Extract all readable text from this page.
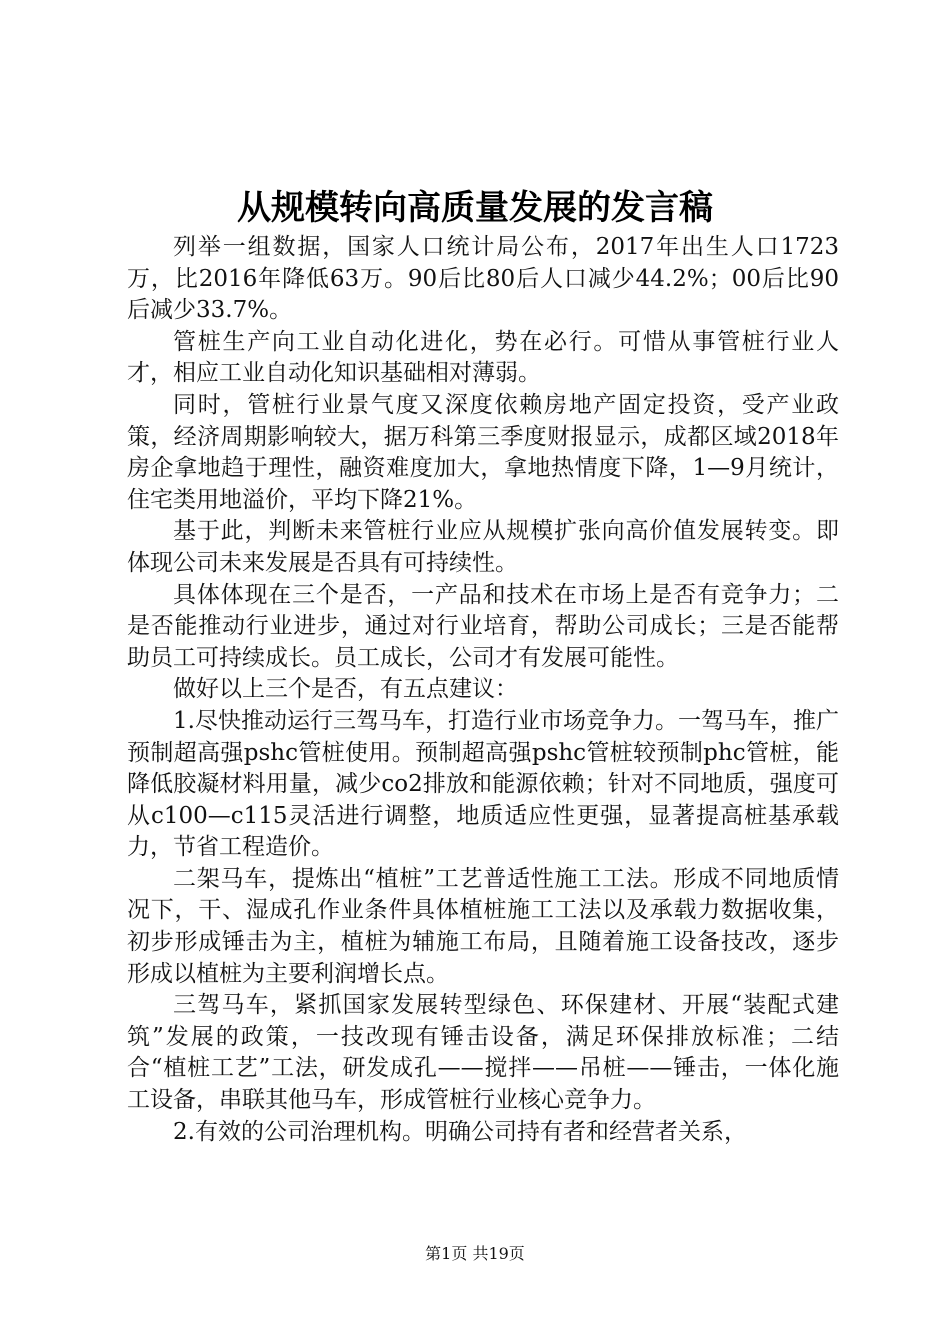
从规模转向高质量发展的发言稿

列举一组数据，国家人口统计局公布，2017年出生人口1723万，比2016年降低63万。90后比80后人口减少44.2%；00后比90后减少33.7%。

管桩生产向工业自动化进化，势在必行。可惜从事管桩行业人才，相应工业自动化知识基础相对薄弱。

同时，管桩行业景气度又深度依赖房地产固定投资，受产业政策，经济周期影响较大，据万科第三季度财报显示，成都区域2018年房企拿地趋于理性，融资难度加大，拿地热情度下降，1—9月统计，住宅类用地溢价，平均下降21%。

基于此，判断未来管桩行业应从规模扩张向高价值发展转变。即体现公司未来发展是否具有可持续性。

具体体现在三个是否，一产品和技术在市场上是否有竞争力；二是否能推动行业进步，通过对行业培育，帮助公司成长；三是否能帮助员工可持续成长。员工成长，公司才有发展可能性。

做好以上三个是否，有五点建议：

1.尽快推动运行三驾马车，打造行业市场竞争力。一驾马车，推广预制超高强pshc管桩使用。预制超高强pshc管桩较预制phc管桩，能降低胶凝材料用量，减少co2排放和能源依赖；针对不同地质，强度可从c100—c115灵活进行调整，地质适应性更强，显著提高桩基承载力，节省工程造价。

二架马车，提炼出“植桩”工艺普适性施工工法。形成不同地质情况下，干、湿成孔作业条件具体植桩施工工法以及承载力数据收集，初步形成锤击为主，植桩为辅施工布局，且随着施工设备技改，逐步形成以植桩为主要利润增长点。

三驾马车，紧抓国家发展转型绿色、环保建材、开展“装配式建筑”发展的政策，一技改现有锤击设备，满足环保排放标准；二结合“植桩工艺”工法，研发成孔——搅拌——吊桩——锤击，一体化施工设备，串联其他马车，形成管桩行业核心竞争力。

2.有效的公司治理机构。明确公司持有者和经营者关系，

第1页 共19页
